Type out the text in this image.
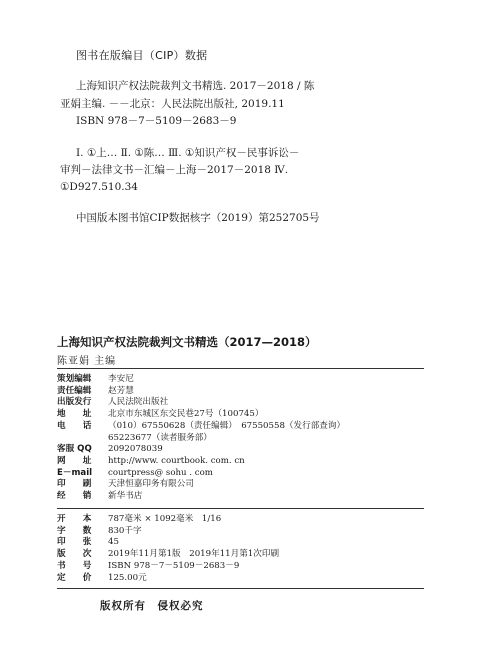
图书在版编目（CIP）数据
上海知识产权法院裁判文书精选. 2017－2018 / 陈
亚娟主编. －－北京：人民法院出版社, 2019.11
ISBN 978－7－5109－2683－9
Ⅰ. ①上… Ⅱ. ①陈… Ⅲ. ①知识产权－民事诉讼－
审判－法律文书－汇编－上海－2017－2018 Ⅳ.
①D927.510.34
中国版本图书馆CIP数据核字（2019）第252705号
上海知识产权法院裁判文书精选（2017—2018）
陈亚娟 主编
策划编辑	李安尼
责任编辑	赵芳慧
出版发行	人民法院出版社
地　　址	北京市东城区东交民巷27号（100745）
电　　话	（010）67550628（责任编辑）　67550558（发行部查询）
65223677（读者服务部）
客服 QQ	2092078039
网　　址	http://www. courtbook. com. cn
E－mail	courtpress@ sohu . com
印　　刷	天津恒嘉印务有限公司
经　　销	新华书店
开　　本	787毫米 × 1092毫米　1/16
字　　数	830千字
印　　张	45
版　　次	2019年11月第1版　2019年11月第1次印刷
书　　号	ISBN 978－7－5109－2683－9
定　　价	125.00元
版权所有　侵权必究
